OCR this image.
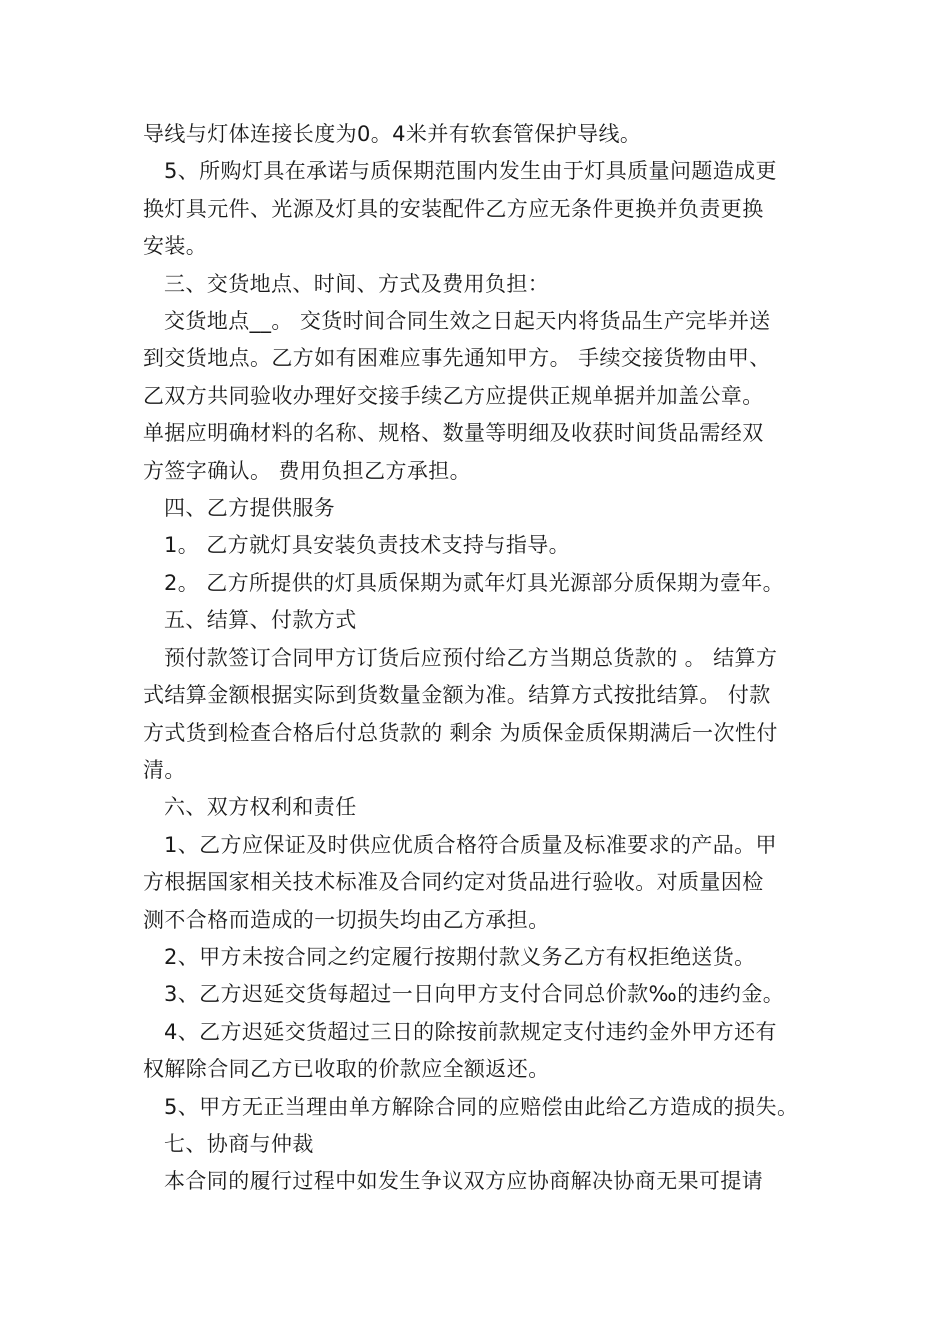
导线与灯体连接长度为0。4米并有软套管保护导线。

5、所购灯具在承诺与质保期范围内发生由于灯具质量问题造成更

换灯具元件、光源及灯具的安装配件乙方应无条件更换并负责更换

安装。

三、交货地点、时间、方式及费用负担：

交货地点__。 交货时间合同生效之日起天内将货品生产完毕并送

到交货地点。乙方如有困难应事先通知甲方。 手续交接货物由甲、

乙双方共同验收办理好交接手续乙方应提供正规单据并加盖公章。

单据应明确材料的名称、规格、数量等明细及收获时间货品需经双

方签字确认。 费用负担乙方承担。

四、乙方提供服务

1。 乙方就灯具安装负责技术支持与指导。

2。 乙方所提供的灯具质保期为贰年灯具光源部分质保期为壹年。

五、结算、付款方式

预付款签订合同甲方订货后应预付给乙方当期总货款的 。 结算方

式结算金额根据实际到货数量金额为准。结算方式按批结算。 付款

方式货到检查合格后付总货款的 剩余 为质保金质保期满后一次性付

清。

六、双方权利和责任

1、乙方应保证及时供应优质合格符合质量及标准要求的产品。甲

方根据国家相关技术标准及合同约定对货品进行验收。对质量因检

测不合格而造成的一切损失均由乙方承担。

2、甲方未按合同之约定履行按期付款义务乙方有权拒绝送货。

3、乙方迟延交货每超过一日向甲方支付合同总价款‰的违约金。

4、乙方迟延交货超过三日的除按前款规定支付违约金外甲方还有

权解除合同乙方已收取的价款应全额返还。

5、甲方无正当理由单方解除合同的应赔偿由此给乙方造成的损失。

七、协商与仲裁

本合同的履行过程中如发生争议双方应协商解决协商无果可提请
